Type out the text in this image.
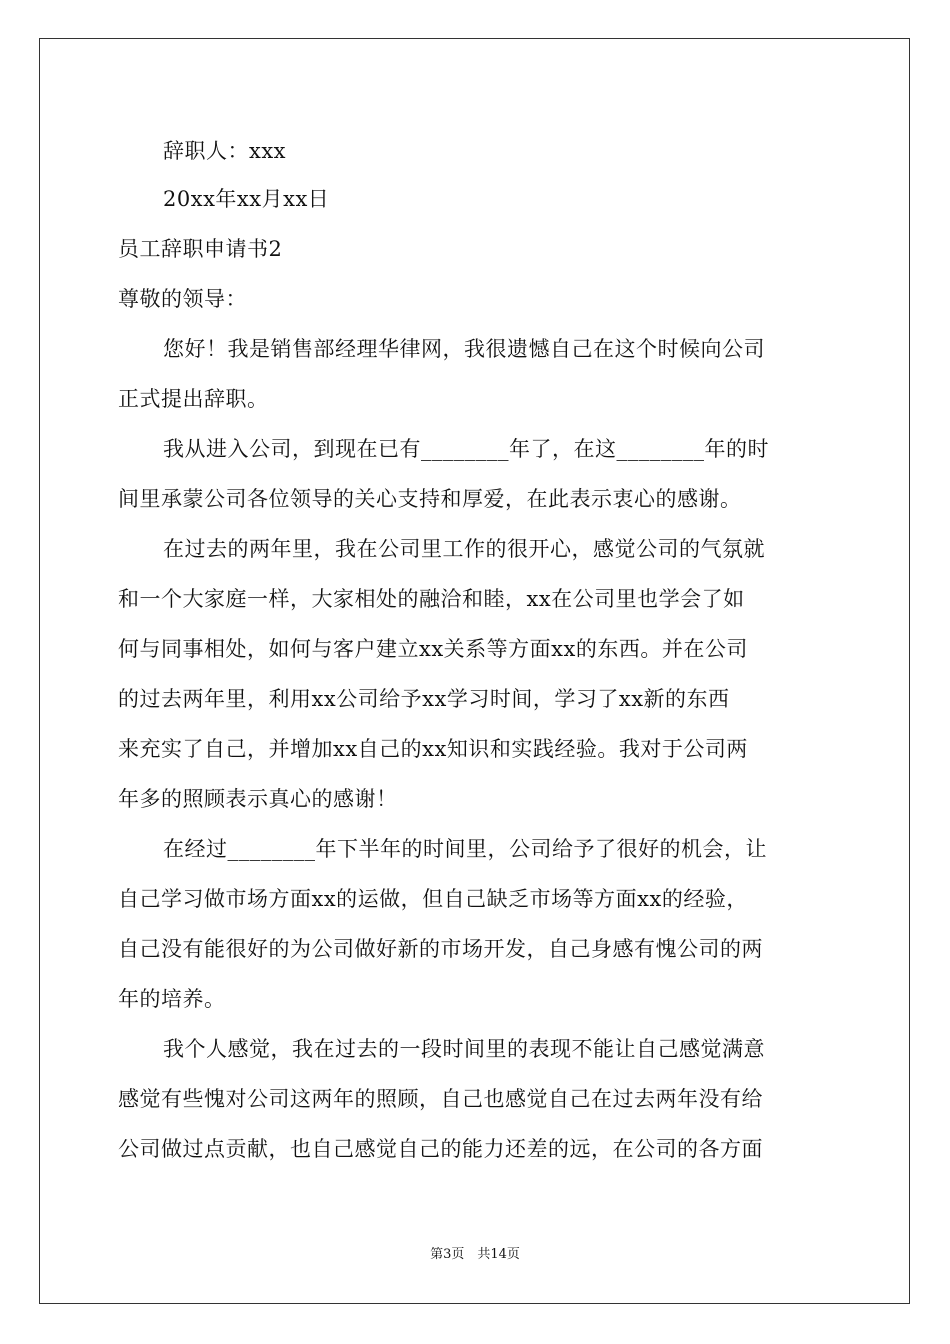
辞职人：xxx
20xx年xx月xx日
员工辞职申请书2
尊敬的领导：
您好！我是销售部经理华律网，我很遗憾自己在这个时候向公司
正式提出辞职。
我从进入公司，到现在已有________年了，在这________年的时
间里承蒙公司各位领导的关心支持和厚爱，在此表示衷心的感谢。
在过去的两年里，我在公司里工作的很开心，感觉公司的气氛就
和一个大家庭一样，大家相处的融洽和睦，xx在公司里也学会了如
何与同事相处，如何与客户建立xx关系等方面xx的东西。并在公司
的过去两年里，利用xx公司给予xx学习时间，学习了xx新的东西
来充实了自己，并增加xx自己的xx知识和实践经验。我对于公司两
年多的照顾表示真心的感谢！
在经过________年下半年的时间里，公司给予了很好的机会，让
自己学习做市场方面xx的运做，但自己缺乏市场等方面xx的经验，
自己没有能很好的为公司做好新的市场开发，自己身感有愧公司的两
年的培养。
我个人感觉，我在过去的一段时间里的表现不能让自己感觉满意
感觉有些愧对公司这两年的照顾，自己也感觉自己在过去两年没有给
公司做过点贡献，也自己感觉自己的能力还差的远，在公司的各方面
第3页　共14页
